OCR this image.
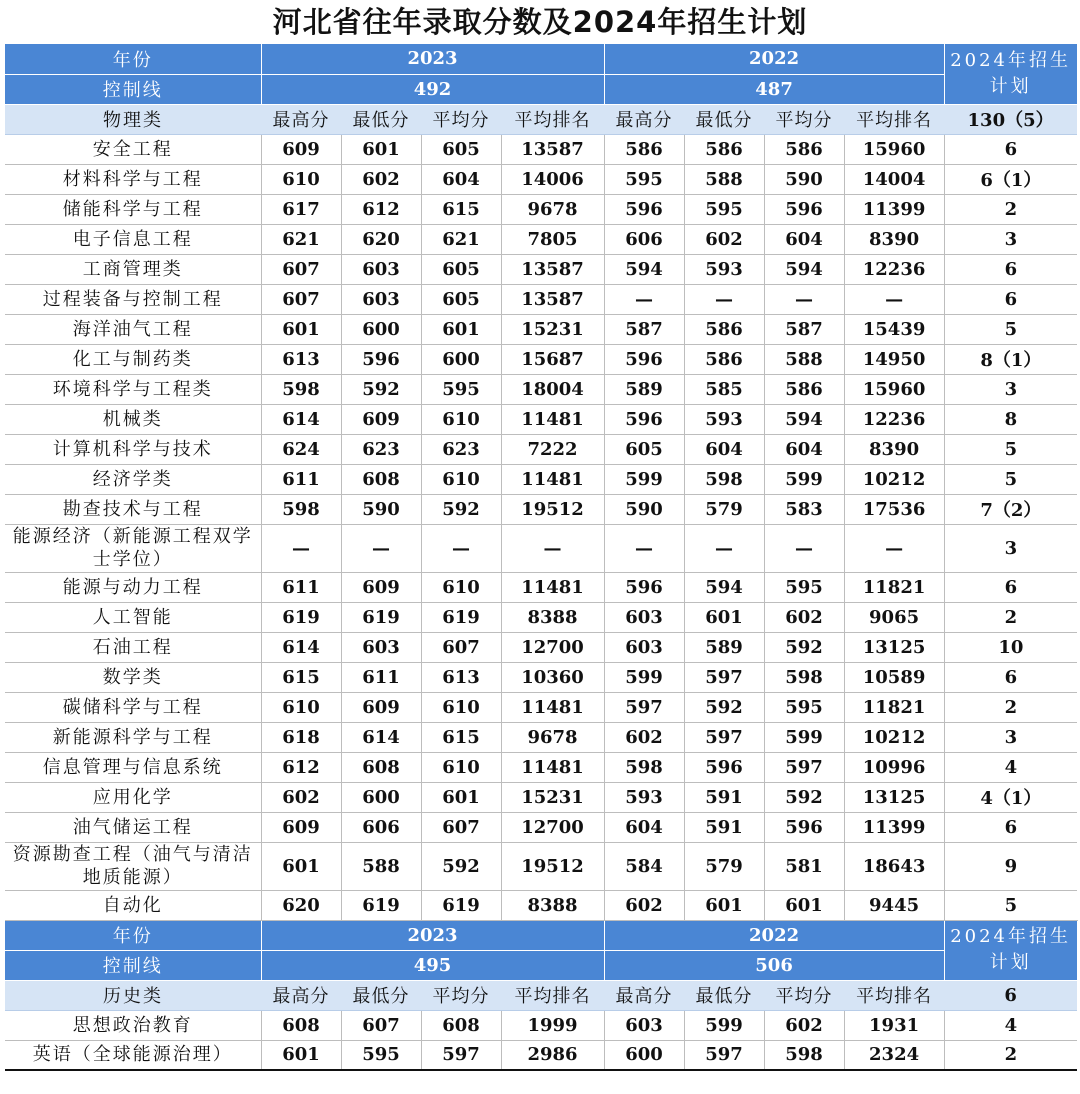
河北省往年录取分数及2024年招生计划
年份	2023				2022				2024年招生计划
控制线	492				487				
物理类	最高分	最低分	平均分	平均排名	最高分	最低分	平均分	平均排名	130（5）
安全工程	609	601	605	13587	586	586	586	15960	6
材料科学与工程	610	602	604	14006	595	588	590	14004	6（1）
储能科学与工程	617	612	615	9678	596	595	596	11399	2
电子信息工程	621	620	621	7805	606	602	604	8390	3
工商管理类	607	603	605	13587	594	593	594	12236	6
过程装备与控制工程	607	603	605	13587	—	—	—	—	6
海洋油气工程	601	600	601	15231	587	586	587	15439	5
化工与制药类	613	596	600	15687	596	586	588	14950	8（1）
环境科学与工程类	598	592	595	18004	589	585	586	15960	3
机械类	614	609	610	11481	596	593	594	12236	8
计算机科学与技术	624	623	623	7222	605	604	604	8390	5
经济学类	611	608	610	11481	599	598	599	10212	5
勘查技术与工程	598	590	592	19512	590	579	583	17536	7（2）
能源经济（新能源工程双学士学位）	—	—	—	—	—	—	—	—	3
能源与动力工程	611	609	610	11481	596	594	595	11821	6
人工智能	619	619	619	8388	603	601	602	9065	2
石油工程	614	603	607	12700	603	589	592	13125	10
数学类	615	611	613	10360	599	597	598	10589	6
碳储科学与工程	610	609	610	11481	597	592	595	11821	2
新能源科学与工程	618	614	615	9678	602	597	599	10212	3
信息管理与信息系统	612	608	610	11481	598	596	597	10996	4
应用化学	602	600	601	15231	593	591	592	13125	4（1）
油气储运工程	609	606	607	12700	604	591	596	11399	6
资源勘查工程（油气与清洁地质能源）	601	588	592	19512	584	579	581	18643	9
自动化	620	619	619	8388	602	601	601	9445	5
年份	2023				2022				2024年招生计划
控制线	495				506				
历史类	最高分	最低分	平均分	平均排名	最高分	最低分	平均分	平均排名	6
思想政治教育	608	607	608	1999	603	599	602	1931	4
英语（全球能源治理）	601	595	597	2986	600	597	598	2324	2
